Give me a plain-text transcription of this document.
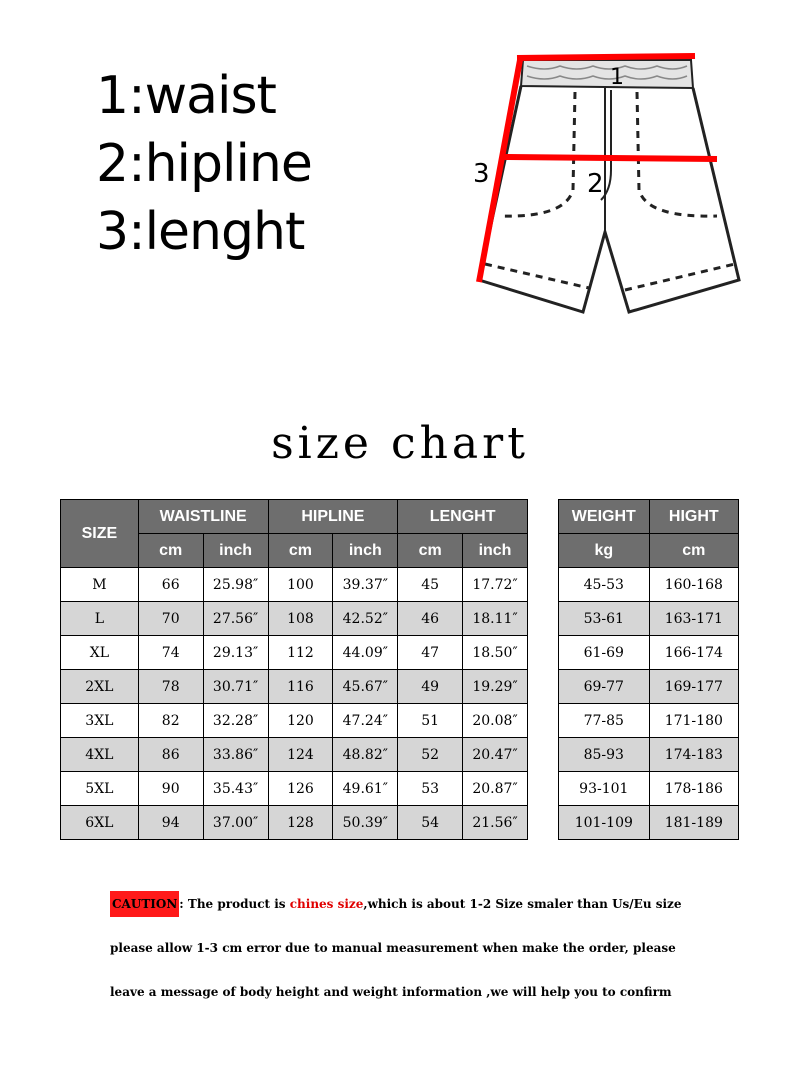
1:waist
2:hipline
3:lenght
1
2
3
size chart
SIZE	WAISTLINE		HIPLINE		LENGHT	
	cm	inch	cm	inch	cm	inch
M	66	25.98″	100	39.37″	45	17.72″
L	70	27.56″	108	42.52″	46	18.11″
XL	74	29.13″	112	44.09″	47	18.50″
2XL	78	30.71″	116	45.67″	49	19.29″
3XL	82	32.28″	120	47.24″	51	20.08″
4XL	86	33.86″	124	48.82″	52	20.47″
5XL	90	35.43″	126	49.61″	53	20.87″
6XL	94	37.00″	128	50.39″	54	21.56″
WEIGHT	HIGHT
kg	cm
45-53	160-168
53-61	163-171
61-69	166-174
69-77	169-177
77-85	171-180
85-93	174-183
93-101	178-186
101-109	181-189

CAUTION : The product is chines size,which is about 1-2 Size smaler than Us/Eu size

please allow 1-3 cm error due to manual measurement when make the order, please

leave a message of body height and weight information ,we will help you to confirm
